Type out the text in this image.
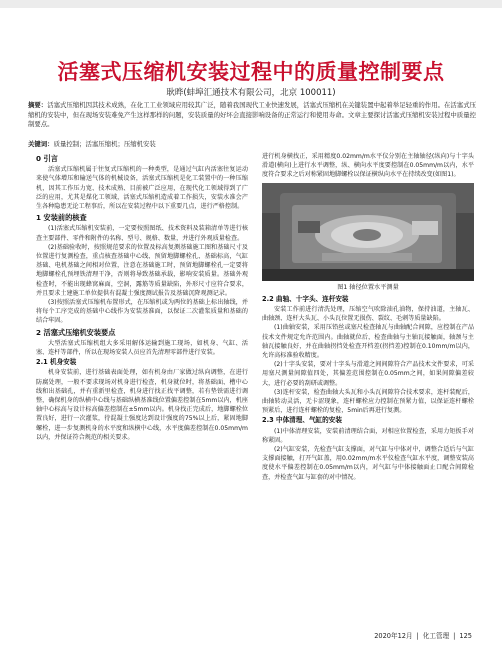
活塞式压缩机安装过程中的质量控制要点
耿晔(蚌埠汇通技术有限公司，北京 100011)
摘要：活塞式压缩机因其技术成熟，在化工工业领域应用较其广泛，随着我国现代工业快速发展，活塞式压缩机在关键装置中起着举足轻重的作用。在活塞式压缩机的安装中，但在现场安装难免产生这样那样的问题，安装质量的好坏会直接影响设备的正常运行和使用寿命。文章主要探讨活塞式压缩机安装过程中质量控制要点。
关键词：质量控制；活塞压缩机；压缩机安装
0 引言

活塞式压缩机属于往复式压缩机的一种类型，是通过气缸内活塞往复运动来使气体增压和输送气体的机械设备，活塞式压缩机是化工装置中的一种压缩机，因其工作压力宽、技术成熟、目前被广泛应用，在现代化工领域得到了广泛的应用，尤其是煤化工领域，活塞式压缩机造成着工作损失，安装水准会产生各种隐患无论工程事后，所以在安装过程中以下重要几点，进行严格控制。

1 安装前的核查

(1)活塞式压缩机安装前，一定要按照图纸、技术资料及装箱清单等进行核查主要部件、零件和附件的名称、型号、规格、数量，并进行外观质量检查。

(2)基础验收时，按照规范要求的位置及标高复测基础施工图和基础尺寸及位置进行复测检查，重点核查基础中心线、预留地脚螺栓孔、基础标高，气缸基础、电机基础之间相对位置，注意在基础施工时，预留地脚螺栓孔一定要将地脚螺栓孔预埋铁清理干净，否则将导致基础承载，影响安装质量。基础外观检查时，不能出现蜂窝麻面，空洞，露筋等质量缺陷，外形尺寸应符合要求，并且要求土建施工单位提供有混凝土强度测试报告及基础沉降观测记录。

(3)按照活塞式压缩机布置形式，在压缩机或为两位的基础上标出轴线，并将每个工序完成的基础中心线作为安装基准面，以保证二次灌浆质量和基础的结合牢固。

2 活塞式压缩机安装要点

大型活塞式压缩机组大多采用解体运输到施工现场，如机身、气缸、活塞、连杆等部件，所以在现场安装人员应首先清理零部件进行安装。

2.1 机身安装

机身安装前，进行基础表面处理，如有机身由厂家做过纵向调整，在进行防腐处理，一般不要求现场对机身进行检查，机身就位时，将基础面、槽中心线和出基础孔，并有重新里检查，机身进行找正找平调整，若有垫铁需进行调整，确保机身的纵横中心线与基础纵横基准线位置偏差控制在5mm以内，机座轴中心标高与设计标高偏差控制在±5mm以内。机身找正完成后，地脚螺栓位置良好，进行一次灌浆，待混凝土强度达到设计强度的75%以上后，紧固地脚螺栓，进一步复测机身的水平度和纵横中心线，水平度偏差控制在0.05mm/m以内，并保证符合规范的相关要求。

进行机身横找正，采用精度0.02mm/m水平仪分别在主轴轴径(纵向)与十字头滑道(横向)上进行水平调整，纵、横向水平度要控制在0.05mm/m以内，水平度符合要求之后对称紧固地脚螺栓以保证横纵向水平在持续改变(如图1)。

图1 轴径位置水平测量
2.2 曲轴、十字头、连杆安装

安装工作前进行清洗处理，压缩空气吹除油孔油物，保持油道，主轴瓦、曲轴颈、连杆大头瓦、小头瓦位置无损伤、裂纹、毛刺等质量缺陷。

(1)曲轴安装，采用压铅丝或塞尺检查轴瓦与曲轴配合间隙，应控制在产品技术文件规定允许范围内。曲轴就位后，检查曲轴与主轴瓦接触面，轴颈与主轴瓦接触良好，并在曲轴拐挡处检查开档差(拐挡差)控制在0.10mm/m以内，允许高标准验收精度。

(2)十字头安装，要对十字头与滑道之间间隙符合产品技术文件要求，可采用塞尺测量间隙值四处，其偏差范围控制在0.05mm之间，如果间隙偏差较大，进行必要的刮研或调整。

(3)连杆安装，检查曲轴大头瓦和小头瓦间隙符合技术要求，连杆装配后，曲轴转动灵活，无卡涩现象，连杆螺栓应力控制在预紧力值，以保证连杆螺栓预紧后，进行连杆螺栓的复检，5min后再进行复测。

2.3 中体清理、气缸的安装

(1)中体清理安装，安装前清理结合面，对相应位置检查，采用力矩扳手对称紧固。

(2)气缸安装，先检查气缸支撑面，对气缸与中体对中，调整合适后与气缸支撑面接触，打开气缸盖，用0.02mm/m水平仪检查气缸水平度，调整安装高度使水平偏差控制在0.05mm/m以内，对气缸与中体接触面止口配合间隙检查，并检查气缸与缸套的对中情况。

2020年12月 | 化工管理 | 125
